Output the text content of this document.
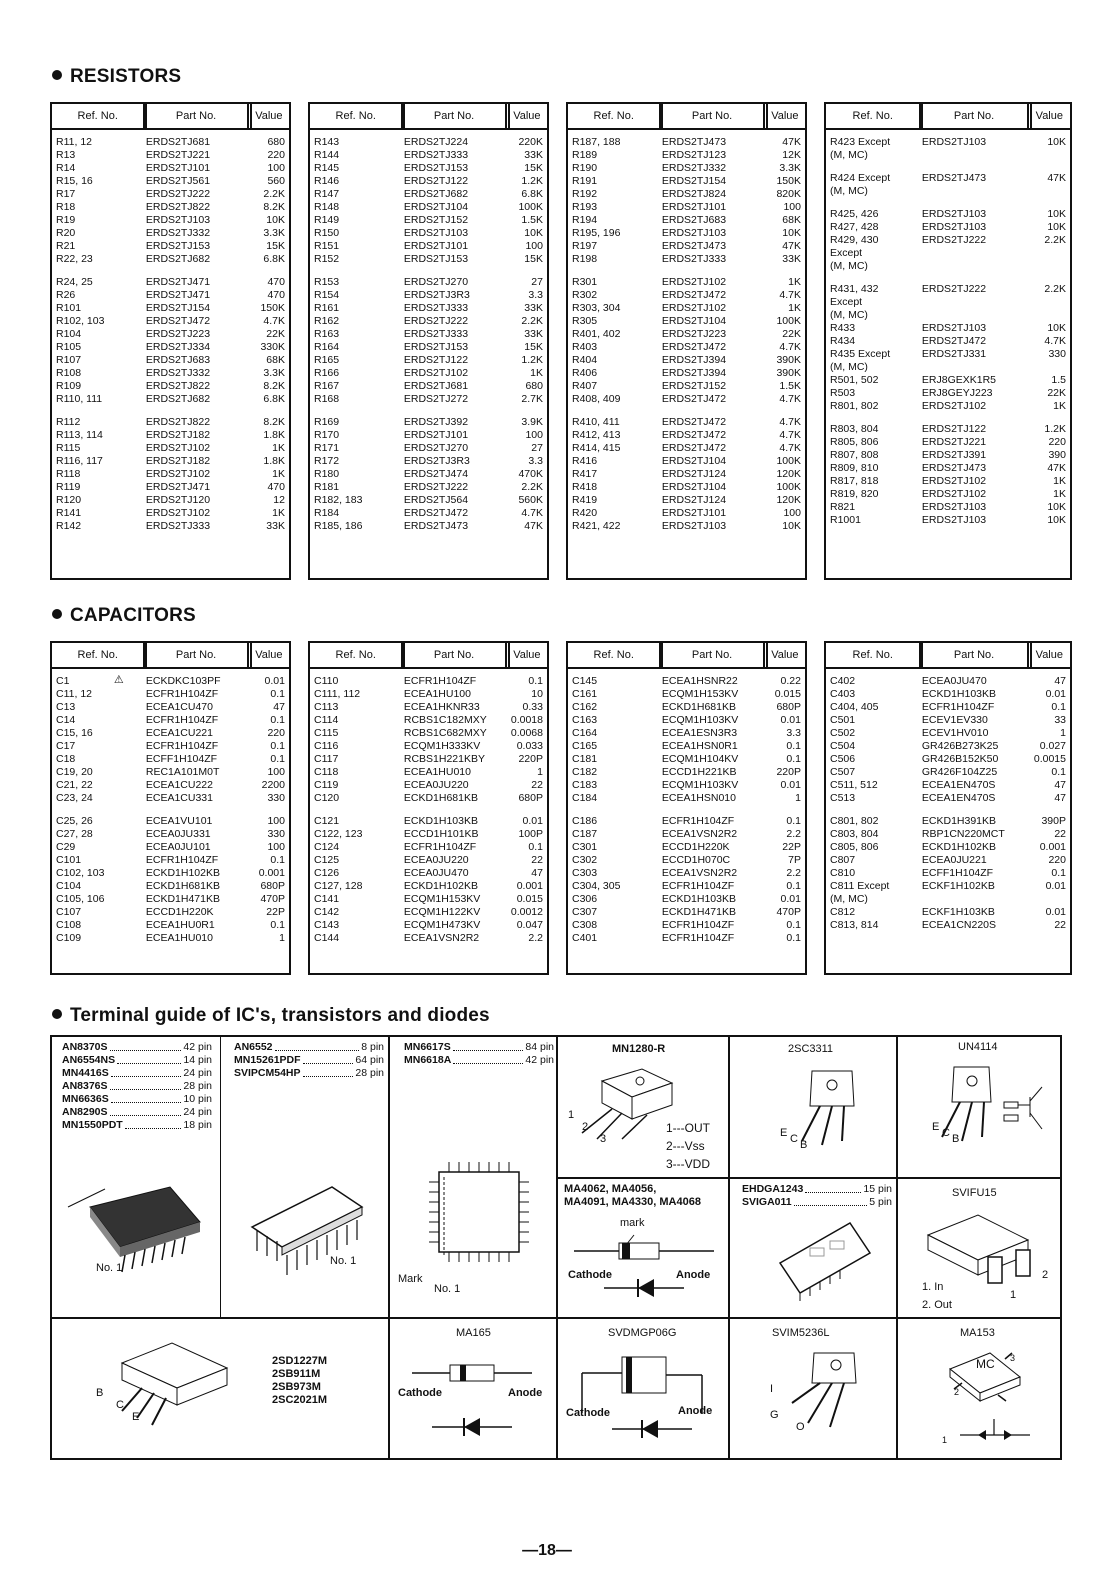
RESISTORS
Ref. No.	Part No.	Value
R11, 12	ERDS2TJ681	680
R13	ERDS2TJ221	220
R14	ERDS2TJ101	100
R15, 16	ERDS2TJ561	560
R17	ERDS2TJ222	2.2K
R18	ERDS2TJ822	8.2K
R19	ERDS2TJ103	10K
R20	ERDS2TJ332	3.3K
R21	ERDS2TJ153	15K
R22, 23	ERDS2TJ682	6.8K
R24, 25	ERDS2TJ471	470
R26	ERDS2TJ471	470
R101	ERDS2TJ154	150K
R102, 103	ERDS2TJ472	4.7K
R104	ERDS2TJ223	22K
R105	ERDS2TJ334	330K
R107	ERDS2TJ683	68K
R108	ERDS2TJ332	3.3K
R109	ERDS2TJ822	8.2K
R110, 111	ERDS2TJ682	6.8K
R112	ERDS2TJ822	8.2K
R113, 114	ERDS2TJ182	1.8K
R115	ERDS2TJ102	1K
R116, 117	ERDS2TJ182	1.8K
R118	ERDS2TJ102	1K
R119	ERDS2TJ471	470
R120	ERDS2TJ120	12
R141	ERDS2TJ102	1K
R142	ERDS2TJ333	33K
Ref. No.	Part No.	Value
R143	ERDS2TJ224	220K
R144	ERDS2TJ333	33K
R145	ERDS2TJ153	15K
R146	ERDS2TJ122	1.2K
R147	ERDS2TJ682	6.8K
R148	ERDS2TJ104	100K
R149	ERDS2TJ152	1.5K
R150	ERDS2TJ103	10K
R151	ERDS2TJ101	100
R152	ERDS2TJ153	15K
R153	ERDS2TJ270	27
R154	ERDS2TJ3R3	3.3
R161	ERDS2TJ333	33K
R162	ERDS2TJ222	2.2K
R163	ERDS2TJ333	33K
R164	ERDS2TJ153	15K
R165	ERDS2TJ122	1.2K
R166	ERDS2TJ102	1K
R167	ERDS2TJ681	680
R168	ERDS2TJ272	2.7K
R169	ERDS2TJ392	3.9K
R170	ERDS2TJ101	100
R171	ERDS2TJ270	27
R172	ERDS2TJ3R3	3.3
R180	ERDS2TJ474	470K
R181	ERDS2TJ222	2.2K
R182, 183	ERDS2TJ564	560K
R184	ERDS2TJ472	4.7K
R185, 186	ERDS2TJ473	47K
Ref. No.	Part No.	Value
R187, 188	ERDS2TJ473	47K
R189	ERDS2TJ123	12K
R190	ERDS2TJ332	3.3K
R191	ERDS2TJ154	150K
R192	ERDS2TJ824	820K
R193	ERDS2TJ101	100
R194	ERDS2TJ683	68K
R195, 196	ERDS2TJ103	10K
R197	ERDS2TJ473	47K
R198	ERDS2TJ333	33K
R301	ERDS2TJ102	1K
R302	ERDS2TJ472	4.7K
R303, 304	ERDS2TJ102	1K
R305	ERDS2TJ104	100K
R401, 402	ERDS2TJ223	22K
R403	ERDS2TJ472	4.7K
R404	ERDS2TJ394	390K
R406	ERDS2TJ394	390K
R407	ERDS2TJ152	1.5K
R408, 409	ERDS2TJ472	4.7K
R410, 411	ERDS2TJ472	4.7K
R412, 413	ERDS2TJ472	4.7K
R414, 415	ERDS2TJ472	4.7K
R416	ERDS2TJ104	100K
R417	ERDS2TJ124	120K
R418	ERDS2TJ104	100K
R419	ERDS2TJ124	120K
R420	ERDS2TJ101	100
R421, 422	ERDS2TJ103	10K
Ref. No.	Part No.	Value
R423 Except	ERDS2TJ103	10K
(M, MC)
R424 Except	ERDS2TJ473	47K
(M, MC)
R425, 426	ERDS2TJ103	10K
R427, 428	ERDS2TJ103	10K
R429, 430	ERDS2TJ222	2.2K
Except
(M, MC)
R431, 432	ERDS2TJ222	2.2K
Except
(M, MC)
R433	ERDS2TJ103	10K
R434	ERDS2TJ472	4.7K
R435 Except	ERDS2TJ331	330
(M, MC)
R501, 502	ERJ8GEXK1R5	1.5
R503	ERJ8GEYJ223	22K
R801, 802	ERDS2TJ102	1K
R803, 804	ERDS2TJ122	1.2K
R805, 806	ERDS2TJ221	220
R807, 808	ERDS2TJ391	390
R809, 810	ERDS2TJ473	47K
R817, 818	ERDS2TJ102	1K
R819, 820	ERDS2TJ102	1K
R821	ERDS2TJ103	10K
R1001	ERDS2TJ103	10K
CAPACITORS
Ref. No.	Part No.	Value
C1	⚠ ECKDKC103PF	0.01
C11, 12	ECFR1H104ZF	0.1
C13	ECEA1CU470	47
C14	ECFR1H104ZF	0.1
C15, 16	ECEA1CU221	220
C17	ECFR1H104ZF	0.1
C18	ECFF1H104ZF	0.1
C19, 20	REC1A101M0T	100
C21, 22	ECEA1CU222	2200
C23, 24	ECEA1CU331	330
C25, 26	ECEA1VU101	100
C27, 28	ECEA0JU331	330
C29	ECEA0JU101	100
C101	ECFR1H104ZF	0.1
C102, 103	ECKD1H102KB	0.001
C104	ECKD1H681KB	680P
C105, 106	ECKD1H471KB	470P
C107	ECCD1H220K	22P
C108	ECEA1HU0R1	0.1
C109	ECEA1HU010	1
Ref. No.	Part No.	Value
C110	ECFR1H104ZF	0.1
C111, 112	ECEA1HU100	10
C113	ECEA1HKNR33	0.33
C114	RCBS1C182MXY	0.0018
C115	RCBS1C682MXY	0.0068
C116	ECQM1H333KV	0.033
C117	RCBS1H221KBY	220P
C118	ECEA1HU010	1
C119	ECEA0JU220	22
C120	ECKD1H681KB	680P
C121	ECKD1H103KB	0.01
C122, 123	ECCD1H101KB	100P
C124	ECFR1H104ZF	0.1
C125	ECEA0JU220	22
C126	ECEA0JU470	47
C127, 128	ECKD1H102KB	0.001
C141	ECQM1H153KV	0.015
C142	ECQM1H122KV	0.0012
C143	ECQM1H473KV	0.047
C144	ECEA1VSN2R2	2.2
Ref. No.	Part No.	Value
C145	ECEA1HSNR22	0.22
C161	ECQM1H153KV	0.015
C162	ECKD1H681KB	680P
C163	ECQM1H103KV	0.01
C164	ECEA1ESN3R3	3.3
C165	ECEA1HSN0R1	0.1
C181	ECQM1H104KV	0.1
C182	ECCD1H221KB	220P
C183	ECQM1H103KV	0.01
C184	ECEA1HSN010	1
C186	ECFR1H104ZF	0.1
C187	ECEA1VSN2R2	2.2
C301	ECCD1H220K	22P
C302	ECCD1H070C	7P
C303	ECEA1VSN2R2	2.2
C304, 305	ECFR1H104ZF	0.1
C306	ECKD1H103KB	0.01
C307	ECKD1H471KB	470P
C308	ECFR1H104ZF	0.1
C401	ECFR1H104ZF	0.1
Ref. No.	Part No.	Value
C402	ECEA0JU470	47
C403	ECKD1H103KB	0.01
C404, 405	ECFR1H104ZF	0.1
C501	ECEV1EV330	33
C502	ECEV1HV010	1
C504	GR426B273K25	0.027
C506	GR426B152K50	0.0015
C507	GR426F104Z25	0.1
C511, 512	ECEA1EN470S	47
C513	ECEA1EN470S	47
C801, 802	ECKD1H391KB	390P
C803, 804	RBP1CN220MCT	22
C805, 806	ECKD1H102KB	0.001
C807	ECEA0JU221	220
C810	ECFF1H104ZF	0.1
C811 Except	ECKF1H102KB	0.01
(M, MC)
C812	ECKF1H103KB	0.01
C813, 814	ECEA1CN220S	22
Terminal guide of IC's, transistors and diodes
AN8370S	42 pin
AN6554NS	14 pin
MN4416S	24 pin
AN8376S	28 pin
MN6636S	10 pin
AN8290S	24 pin
MN1550PDT	18 pin
No. 1
AN6552	8 pin
MN15261PDF	64 pin
SVIPCM54HP	28 pin
No. 1
MN6617S	84 pin
MN6618A	42 pin
Mark
No. 1
MN1280-R
1
2
3
1---OUT
2---Vss
3---VDD
2SC3311
E C B
UN4114
E C B
MA4062, MA4056,
MA4091, MA4330, MA4068
mark
Cathode	Anode
EHDGA1243	15 pin
SVIGA011	5 pin
SVIFU15
1. In
2. Out
1
2
B
C
E
2SD1227M
2SB911M
2SB973M
2SC2021M
MA165
Cathode	Anode
SVDMGP06G
Cathode	Anode
SVIM5236L
I
G
O
MA153
MC
1
2
3
—18—
